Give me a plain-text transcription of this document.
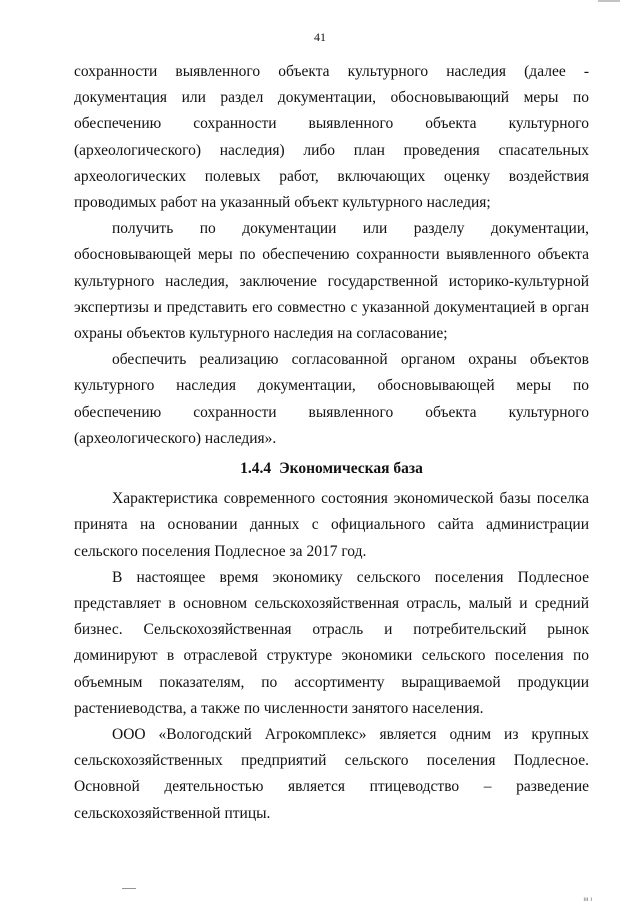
41

сохранности выявленного объекта культурного наследия (далее - документация или раздел документации, обосновывающий меры по обеспечению сохранности выявленного объекта культурного (археологического) наследия) либо план проведения спасательных археологических полевых работ, включающих оценку воздействия проводимых работ на указанный объект культурного наследия;

получить по документации или разделу документации, обосновывающей меры по обеспечению сохранности выявленного объекта культурного наследия, заключение государственной историко-культурной экспертизы и представить его совместно с указанной документацией в орган охраны объектов культурного наследия на согласование;

обеспечить реализацию согласованной органом охраны объектов культурного наследия документации, обосновывающей меры по обеспечению сохранности выявленного объекта культурного (археологического) наследия».

1.4.4 Экономическая база

Характеристика современного состояния экономической базы поселка принята на основании данных с официального сайта администрации сельского поселения Подлесное за 2017 год.

В настоящее время экономику сельского поселения Подлесное представляет в основном сельскохозяйственная отрасль, малый и средний бизнес. Сельскохозяйственная отрасль и потребительский рынок доминируют в отраслевой структуре экономики сельского поселения по объемным показателям, по ассортименту выращиваемой продукции растениеводства, а также по численности занятого населения.

ООО «Вологодский Агрокомплекс» является одним из крупных сельскохозяйственных предприятий сельского поселения Подлесное. Основной деятельностью является птицеводство – разведение сельскохозяйственной птицы.

ııı ı
